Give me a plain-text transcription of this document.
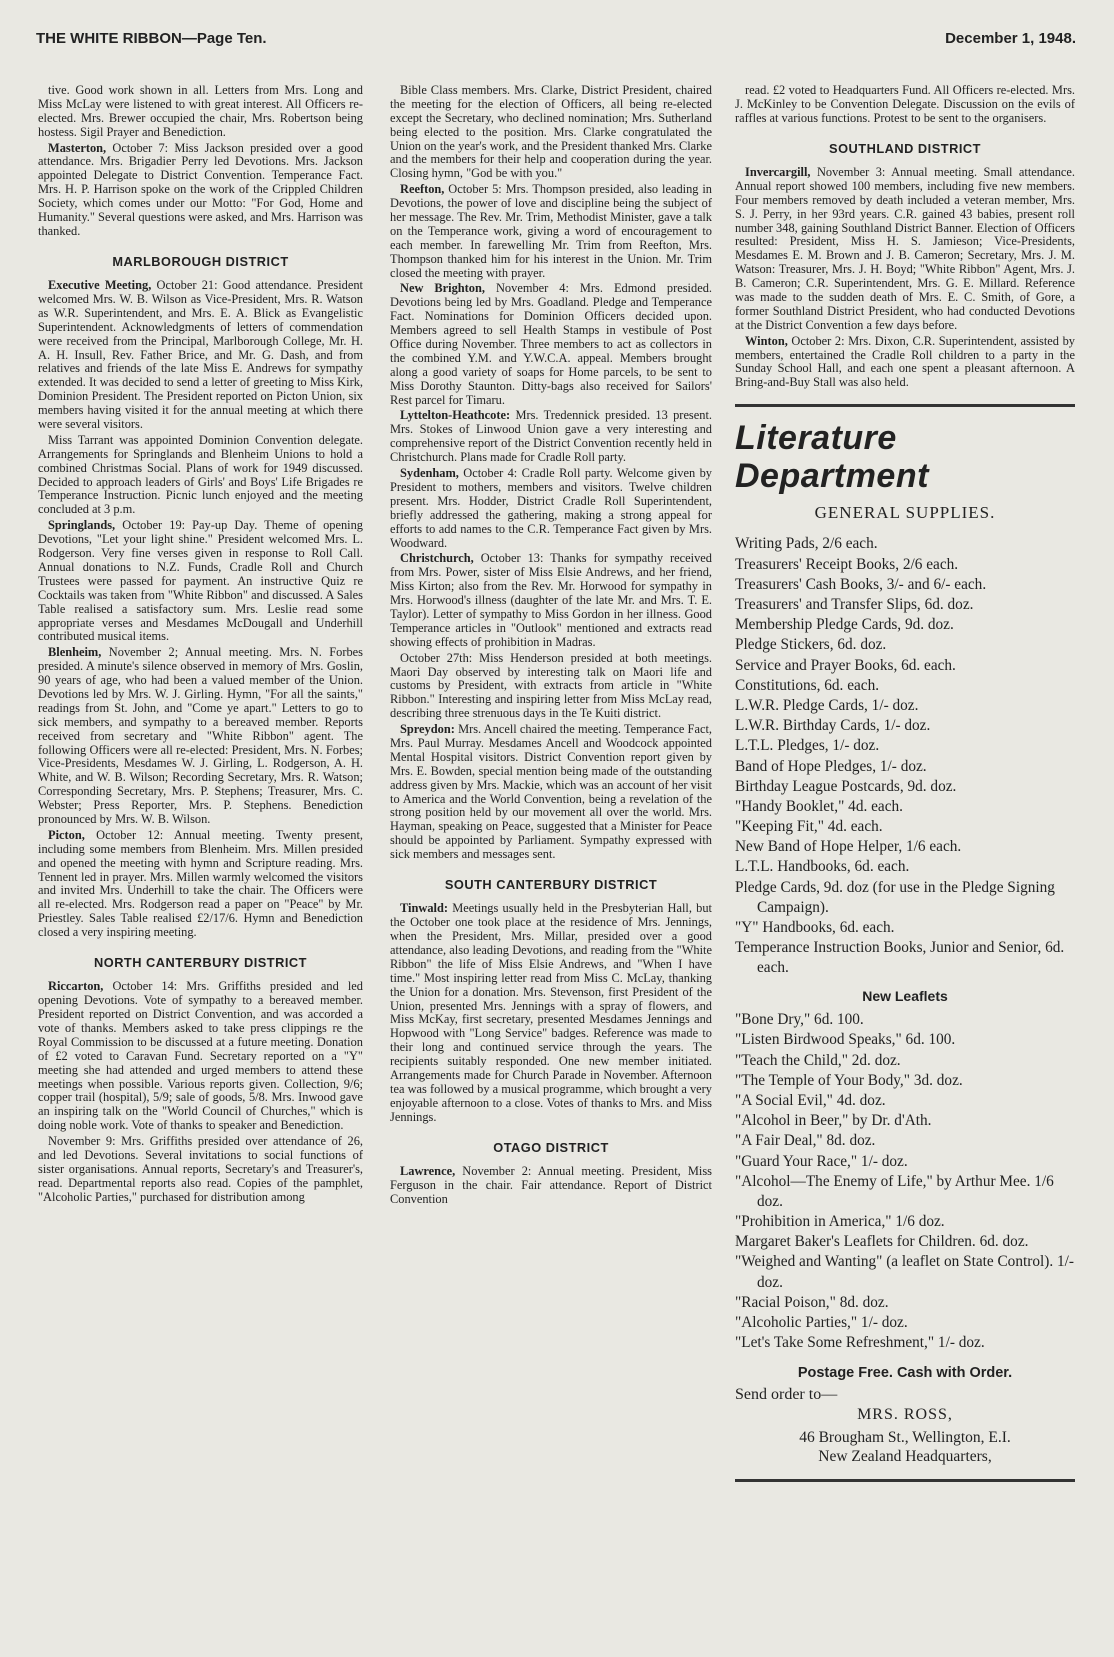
THE WHITE RIBBON—Page Ten.	December 1, 1948.

tive. Good work shown in all. Letters from Mrs. Long and Miss McLay were listened to with great interest. All Officers re-elected. Mrs. Brewer occupied the chair, Mrs. Robertson being hostess. Sigil Prayer and Benediction.

Masterton, October 7: Miss Jackson presided over a good attendance. Mrs. Brigadier Perry led Devotions. Mrs. Jackson appointed Delegate to District Convention. Temperance Fact. Mrs. H. P. Harrison spoke on the work of the Crippled Children Society, which comes under our Motto: "For God, Home and Humanity." Several questions were asked, and Mrs. Harrison was thanked.

MARLBOROUGH DISTRICT

Executive Meeting, October 21: Good attendance. President welcomed Mrs. W. B. Wilson as Vice-President, Mrs. R. Watson as W.R. Superintendent, and Mrs. E. A. Blick as Evangelistic Superintendent. Acknowledgments of letters of commendation were received from the Principal, Marlborough College, Mr. H. A. H. Insull, Rev. Father Brice, and Mr. G. Dash, and from relatives and friends of the late Miss E. Andrews for sympathy extended. It was decided to send a letter of greeting to Miss Kirk, Dominion President. The President reported on Picton Union, six members having visited it for the annual meeting at which there were several visitors.

Miss Tarrant was appointed Dominion Convention delegate. Arrangements for Springlands and Blenheim Unions to hold a combined Christmas Social. Plans of work for 1949 discussed. Decided to approach leaders of Girls' and Boys' Life Brigades re Temperance Instruction. Picnic lunch enjoyed and the meeting concluded at 3 p.m.

Springlands, October 19: Pay-up Day. Theme of opening Devotions, "Let your light shine." President welcomed Mrs. L. Rodgerson. Very fine verses given in response to Roll Call. Annual donations to N.Z. Funds, Cradle Roll and Church Trustees were passed for payment. An instructive Quiz re Cocktails was taken from "White Ribbon" and discussed. A Sales Table realised a satisfactory sum. Mrs. Leslie read some appropriate verses and Mesdames McDougall and Underhill contributed musical items.

Blenheim, November 2; Annual meeting. Mrs. N. Forbes presided. A minute's silence observed in memory of Mrs. Goslin, 90 years of age, who had been a valued member of the Union. Devotions led by Mrs. W. J. Girling. Hymn, "For all the saints," readings from St. John, and "Come ye apart." Letters to go to sick members, and sympathy to a bereaved member. Reports received from secretary and "White Ribbon" agent. The following Officers were all re-elected: President, Mrs. N. Forbes; Vice-Presidents, Mesdames W. J. Girling, L. Rodgerson, A. H. White, and W. B. Wilson; Recording Secretary, Mrs. R. Watson; Corresponding Secretary, Mrs. P. Stephens; Treasurer, Mrs. C. Webster; Press Reporter, Mrs. P. Stephens. Benediction pronounced by Mrs. W. B. Wilson.

Picton, October 12: Annual meeting. Twenty present, including some members from Blenheim. Mrs. Millen presided and opened the meeting with hymn and Scripture reading. Mrs. Tennent led in prayer. Mrs. Millen warmly welcomed the visitors and invited Mrs. Underhill to take the chair. The Officers were all re-elected. Mrs. Rodgerson read a paper on "Peace" by Mr. Priestley. Sales Table realised £2/17/6. Hymn and Benediction closed a very inspiring meeting.

NORTH CANTERBURY DISTRICT

Riccarton, October 14: Mrs. Griffiths presided and led opening Devotions. Vote of sympathy to a bereaved member. President reported on District Convention, and was accorded a vote of thanks. Members asked to take press clippings re the Royal Commission to be discussed at a future meeting. Donation of £2 voted to Caravan Fund. Secretary reported on a "Y" meeting she had attended and urged members to attend these meetings when possible. Various reports given. Collection, 9/6; copper trail (hospital), 5/9; sale of goods, 5/8. Mrs. Inwood gave an inspiring talk on the "World Council of Churches," which is doing noble work. Vote of thanks to speaker and Benediction.

November 9: Mrs. Griffiths presided over attendance of 26, and led Devotions. Several invitations to social functions of sister organisations. Annual reports, Secretary's and Treasurer's, read. Departmental reports also read. Copies of the pamphlet, "Alcoholic Parties," purchased for distribution among

Bible Class members. Mrs. Clarke, District President, chaired the meeting for the election of Officers, all being re-elected except the Secretary, who declined nomination; Mrs. Sutherland being elected to the position. Mrs. Clarke congratulated the Union on the year's work, and the President thanked Mrs. Clarke and the members for their help and cooperation during the year. Closing hymn, "God be with you."

Reefton, October 5: Mrs. Thompson presided, also leading in Devotions, the power of love and discipline being the subject of her message. The Rev. Mr. Trim, Methodist Minister, gave a talk on the Temperance work, giving a word of encouragement to each member. In farewelling Mr. Trim from Reefton, Mrs. Thompson thanked him for his interest in the Union. Mr. Trim closed the meeting with prayer.

New Brighton, November 4: Mrs. Edmond presided. Devotions being led by Mrs. Goadland. Pledge and Temperance Fact. Nominations for Dominion Officers decided upon. Members agreed to sell Health Stamps in vestibule of Post Office during November. Three members to act as collectors in the combined Y.M. and Y.W.C.A. appeal. Members brought along a good variety of soaps for Home parcels, to be sent to Miss Dorothy Staunton. Ditty-bags also received for Sailors' Rest parcel for Timaru.

Lyttelton-Heathcote: Mrs. Tredennick presided. 13 present. Mrs. Stokes of Linwood Union gave a very interesting and comprehensive report of the District Convention recently held in Christchurch. Plans made for Cradle Roll party.

Sydenham, October 4: Cradle Roll party. Welcome given by President to mothers, members and visitors. Twelve children present. Mrs. Hodder, District Cradle Roll Superintendent, briefly addressed the gathering, making a strong appeal for efforts to add names to the C.R. Temperance Fact given by Mrs. Woodward.

Christchurch, October 13: Thanks for sympathy received from Mrs. Power, sister of Miss Elsie Andrews, and her friend, Miss Kirton; also from the Rev. Mr. Horwood for sympathy in Mrs. Horwood's illness (daughter of the late Mr. and Mrs. T. E. Taylor). Letter of sympathy to Miss Gordon in her illness. Good Temperance articles in "Outlook" mentioned and extracts read showing effects of prohibition in Madras.

October 27th: Miss Henderson presided at both meetings. Maori Day observed by interesting talk on Maori life and customs by President, with extracts from article in "White Ribbon." Interesting and inspiring letter from Miss McLay read, describing three strenuous days in the Te Kuiti district.

Spreydon: Mrs. Ancell chaired the meeting. Temperance Fact, Mrs. Paul Murray. Mesdames Ancell and Woodcock appointed Mental Hospital visitors. District Convention report given by Mrs. E. Bowden, special mention being made of the outstanding address given by Mrs. Mackie, which was an account of her visit to America and the World Convention, being a revelation of the strong position held by our movement all over the world. Mrs. Hayman, speaking on Peace, suggested that a Minister for Peace should be appointed by Parliament. Sympathy expressed with sick members and messages sent.

SOUTH CANTERBURY DISTRICT

Tinwald: Meetings usually held in the Presbyterian Hall, but the October one took place at the residence of Mrs. Jennings, when the President, Mrs. Millar, presided over a good attendance, also leading Devotions, and reading from the "White Ribbon" the life of Miss Elsie Andrews, and "When I have time." Most inspiring letter read from Miss C. McLay, thanking the Union for a donation. Mrs. Stevenson, first President of the Union, presented Mrs. Jennings with a spray of flowers, and Miss McKay, first secretary, presented Mesdames Jennings and Hopwood with "Long Service" badges. Reference was made to their long and continued service through the years. The recipients suitably responded. One new member initiated. Arrangements made for Church Parade in November. Afternoon tea was followed by a musical programme, which brought a very enjoyable afternoon to a close. Votes of thanks to Mrs. and Miss Jennings.

OTAGO DISTRICT

Lawrence, November 2: Annual meeting. President, Miss Ferguson in the chair. Fair attendance. Report of District Convention

read. £2 voted to Headquarters Fund. All Officers re-elected. Mrs. J. McKinley to be Convention Delegate. Discussion on the evils of raffles at various functions. Protest to be sent to the organisers.

SOUTHLAND DISTRICT

Invercargill, November 3: Annual meeting. Small attendance. Annual report showed 100 members, including five new members. Four members removed by death included a veteran member, Mrs. S. J. Perry, in her 93rd years. C.R. gained 43 babies, present roll number 348, gaining Southland District Banner. Election of Officers resulted: President, Miss H. S. Jamieson; Vice-Presidents, Mesdames E. M. Brown and J. B. Cameron; Secretary, Mrs. J. M. Watson: Treasurer, Mrs. J. H. Boyd; "White Ribbon" Agent, Mrs. J. B. Cameron; C.R. Superintendent, Mrs. G. E. Millard. Reference was made to the sudden death of Mrs. E. C. Smith, of Gore, a former Southland District President, who had conducted Devotions at the District Convention a few days before.

Winton, October 2: Mrs. Dixon, C.R. Superintendent, assisted by members, entertained the Cradle Roll children to a party in the Sunday School Hall, and each one spent a pleasant afternoon. A Bring-and-Buy Stall was also held.

Literature Department
GENERAL SUPPLIES.
Writing Pads, 2/6 each.
Treasurers' Receipt Books, 2/6 each.
Treasurers' Cash Books, 3/- and 6/- each.
Treasurers' and Transfer Slips, 6d. doz.
Membership Pledge Cards, 9d. doz.
Pledge Stickers, 6d. doz.
Service and Prayer Books, 6d. each.
Constitutions, 6d. each.
L.W.R. Pledge Cards, 1/- doz.
L.W.R. Birthday Cards, 1/- doz.
L.T.L. Pledges, 1/- doz.
Band of Hope Pledges, 1/- doz.
Birthday League Postcards, 9d. doz.
"Handy Booklet," 4d. each.
"Keeping Fit," 4d. each.
New Band of Hope Helper, 1/6 each.
L.T.L. Handbooks, 6d. each.
Pledge Cards, 9d. doz (for use in the Pledge Signing Campaign).
"Y" Handbooks, 6d. each.
Temperance Instruction Books, Junior and Senior, 6d. each.
New Leaflets
"Bone Dry," 6d. 100.
"Listen Birdwood Speaks," 6d. 100.
"Teach the Child," 2d. doz.
"The Temple of Your Body," 3d. doz.
"A Social Evil," 4d. doz.
"Alcohol in Beer," by Dr. d'Ath.
"A Fair Deal," 8d. doz.
"Guard Your Race," 1/- doz.
"Alcohol—The Enemy of Life," by Arthur Mee. 1/6 doz.
"Prohibition in America," 1/6 doz.
Margaret Baker's Leaflets for Children. 6d. doz.
"Weighed and Wanting" (a leaflet on State Control). 1/- doz.
"Racial Poison," 8d. doz.
"Alcoholic Parties," 1/- doz.
"Let's Take Some Refreshment," 1/- doz.
Postage Free. Cash with Order.
Send order to—
MRS. ROSS,
46 Brougham St., Wellington, E.I.
New Zealand Headquarters,
